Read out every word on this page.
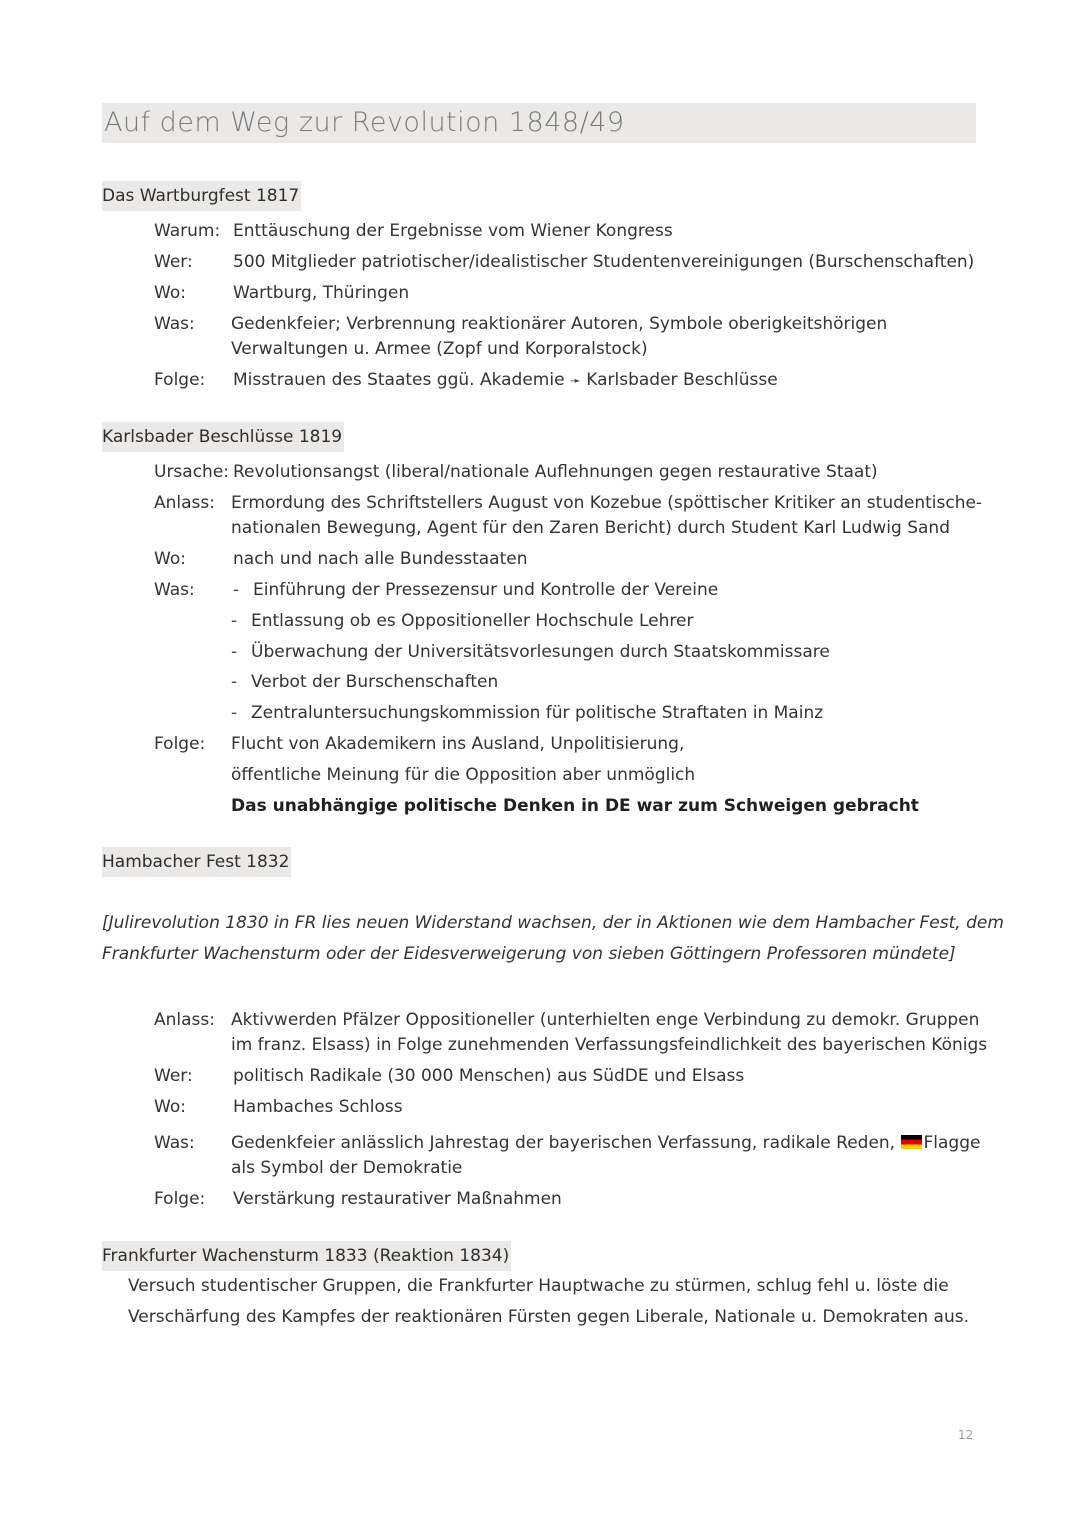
Auf dem Weg zur Revolution 1848/49
Das Wartburgfest 1817
Warum: Enttäuschung der Ergebnisse vom Wiener Kongress
Wer: 500 Mitglieder patriotischer/idealistischer Studentenvereinigungen (Burschenschaften)
Wo:	Wartburg, Thüringen
Was: Gedenkfeier; Verbrennung reaktionärer Autoren, Symbole oberigkeitshörigen
Verwaltungen u. Armee (Zopf und Korporalstock)
Folge: Misstrauen des Staates ggü. Akademie ➛ Karlsbader Beschlüsse
Karlsbader Beschlüsse 1819
Ursache: Revolutionsangst (liberal/nationale Auflehnungen gegen restaurative Staat)
Anlass: Ermordung des Schriftstellers August von Kozebue (spöttischer Kritiker an studentische-
nationalen Bewegung, Agent für den Zaren Bericht) durch Student Karl Ludwig Sand
Wo:	nach und nach alle Bundesstaaten
Was: - Einführung der Pressezensur und Kontrolle der Vereine
- Entlassung ob es Oppositioneller Hochschule Lehrer
- Überwachung der Universitätsvorlesungen durch Staatskommissare
- Verbot der Burschenschaften
- Zentraluntersuchungskommission für politische Straftaten in Mainz
Folge: Flucht von Akademikern ins Ausland, Unpolitisierung,
öffentliche Meinung für die Opposition aber unmöglich
Das unabhängige politische Denken in DE war zum Schweigen gebracht
Hambacher Fest 1832
[Julirevolution 1830 in FR lies neuen Widerstand wachsen, der in Aktionen wie dem Hambacher Fest, dem
Frankfurter Wachensturm oder der Eidesverweigerung von sieben Göttingern Professoren mündete]
Anlass: Aktivwerden Pfälzer Oppositioneller (unterhielten enge Verbindung zu demokr. Gruppen
im franz. Elsass) in Folge zunehmenden Verfassungsfeindlichkeit des bayerischen Königs
Wer: politisch Radikale (30 000 Menschen) aus SüdDE und Elsass
Wo:	Hambaches Schloss
Was: Gedenkfeier anlässlich Jahrestag der bayerischen Verfassung, radikale Reden, Flagge
als Symbol der Demokratie
Folge: Verstärkung restaurativer Maßnahmen
Frankfurter Wachensturm 1833 (Reaktion 1834)
Versuch studentischer Gruppen, die Frankfurter Hauptwache zu stürmen, schlug fehl u. löste die
Verschärfung des Kampfes der reaktionären Fürsten gegen Liberale, Nationale u. Demokraten aus.
12
